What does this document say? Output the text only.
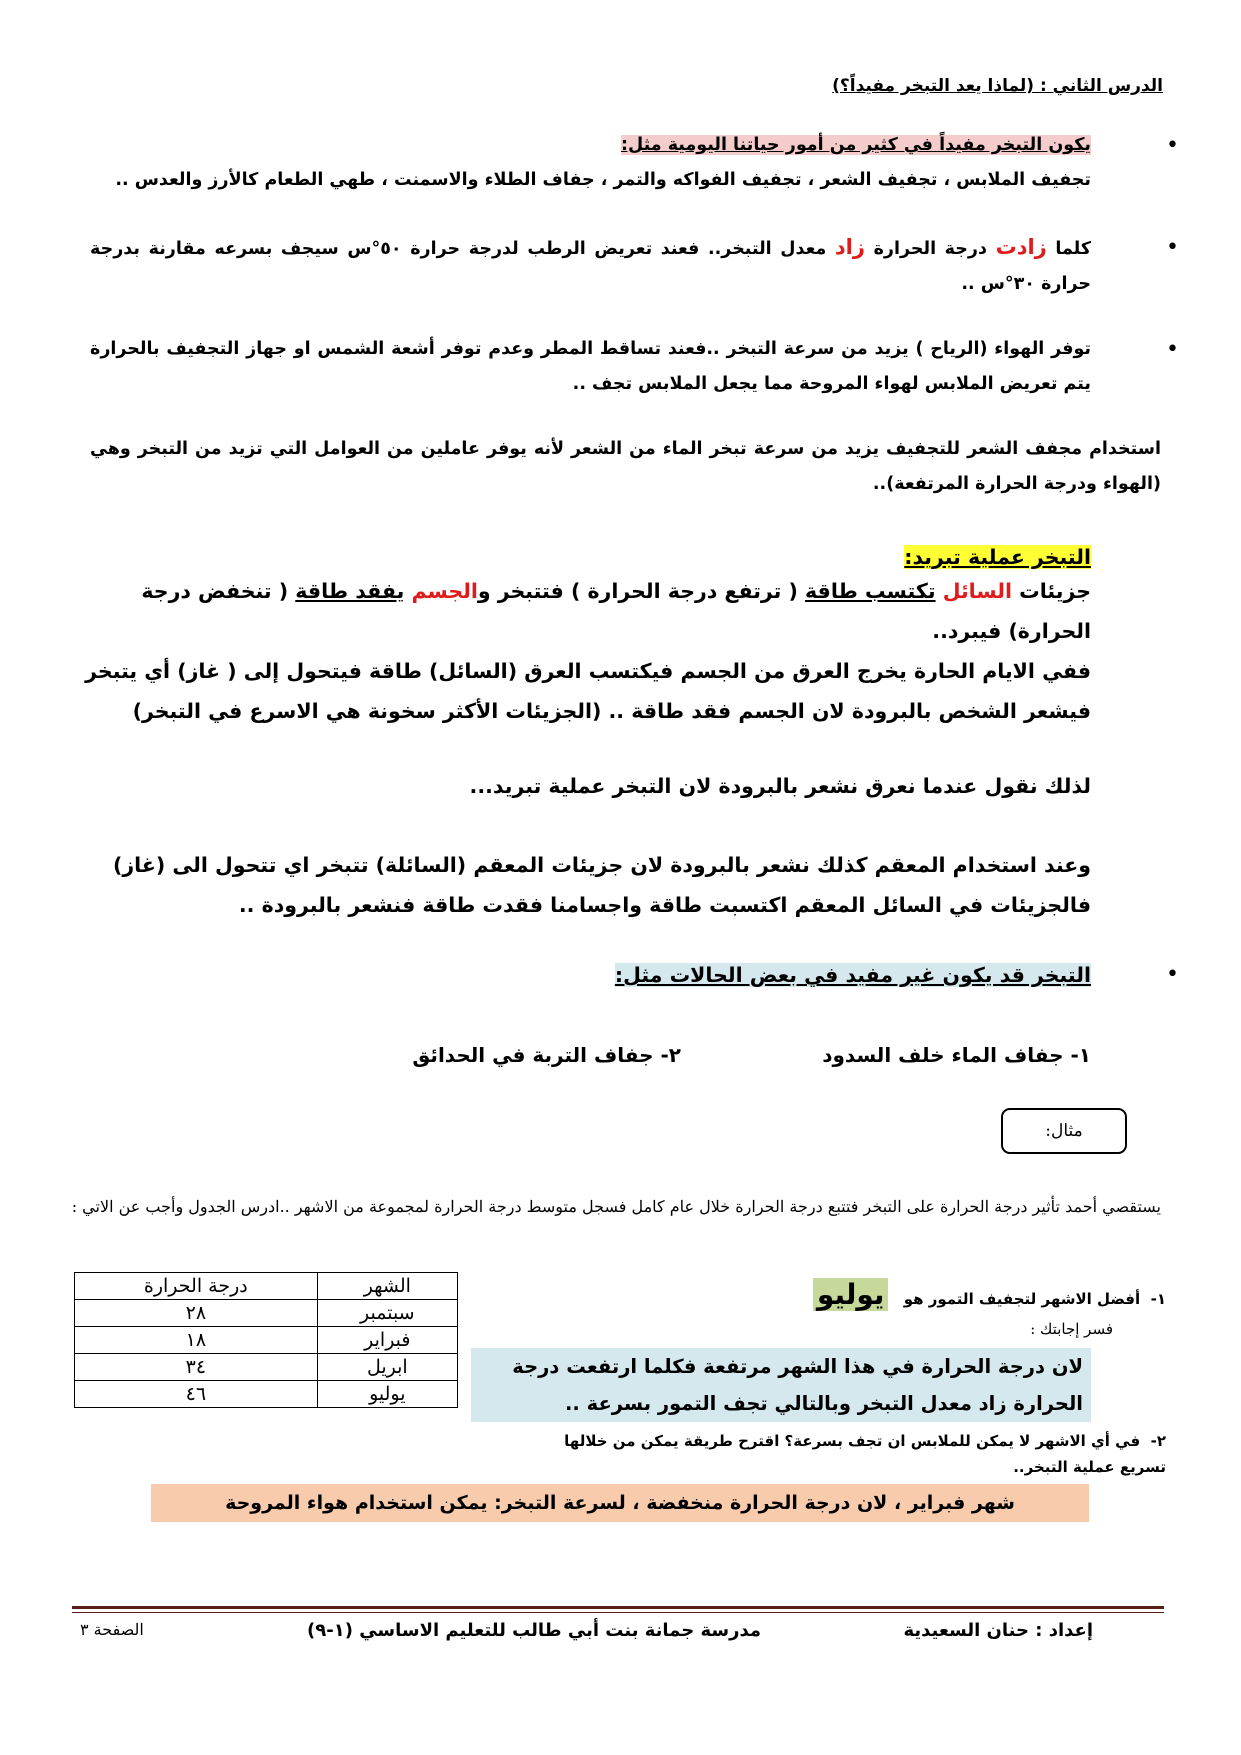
الدرس الثاني : (لماذا يعد التبخر مفيداً؟)
•
يكون التبخر مفيداً في كثير من أمور حياتنا اليومية مثل:
تجفيف الملابس ، تجفيف الشعر ، تجفيف الفواكه والتمر ، جفاف الطلاء والاسمنت ، طهي الطعام كالأرز والعدس ..
•
كلما زادت درجة الحرارة زاد معدل التبخر.. فعند تعريض الرطب لدرجة حرارة ٥٠°س سيجف بسرعه مقارنة بدرجة حرارة ٣٠°س ..
•
توفر الهواء (الرياح ) يزيد من سرعة التبخر ..فعند تساقط المطر وعدم توفر أشعة الشمس او جهاز التجفيف بالحرارة يتم تعريض الملابس لهواء المروحة مما يجعل الملابس تجف ..
استخدام مجفف الشعر للتجفيف يزيد من سرعة تبخر الماء من الشعر لأنه يوفر عاملين من العوامل التي تزيد من التبخر وهي (الهواء ودرجة الحرارة المرتفعة)..
التبخر عملية تبريد:
جزيئات السائل تكتسب طاقة ( ترتفع درجة الحرارة ) فتتبخر والجسم يفقد طاقة ( تنخفض درجة الحرارة) فيبرد..
ففي الايام الحارة يخرج العرق من الجسم فيكتسب العرق (السائل) طاقة فيتحول إلى ( غاز) أي يتبخر فيشعر الشخص بالبرودة لان الجسم فقد طاقة .. (الجزيئات الأكثر سخونة هي الاسرع في التبخر)
لذلك نقول عندما نعرق نشعر بالبرودة لان التبخر عملية تبريد...
وعند استخدام المعقم كذلك نشعر بالبرودة لان جزيئات المعقم (السائلة) تتبخر اي تتحول الى (غاز) فالجزيئات في السائل المعقم اكتسبت طاقة واجسامنا فقدت طاقة فنشعر بالبرودة ..
•
التبخر قد يكون غير مفيد في بعض الحالات مثل:
١- جفاف الماء خلف السدود
٢- جفاف التربة في الحدائق
مثال:
يستقصي أحمد تأثير درجة الحرارة على التبخر فتتبع درجة الحرارة خلال عام كامل فسجل متوسط درجة الحرارة لمجموعة من الاشهر ..ادرس الجدول وأجب عن الاتي :
الشهر	درجة الحرارة
سبتمبر	٢٨
فبراير	١٨
ابريل	٣٤
يوليو	٤٦
١-  أفضل الاشهر لتجفيف التمور هو يوليو
فسر إجابتك :
لان درجة الحرارة في هذا الشهر مرتفعة فكلما ارتفعت درجة الحرارة زاد معدل التبخر وبالتالي تجف التمور بسرعة ..
٢-  في أي الاشهر لا يمكن للملابس ان تجف بسرعة؟ اقترح طريقة يمكن من خلالها تسريع عملية التبخر..
شهر فبراير ، لان درجة الحرارة منخفضة ، لسرعة التبخر: يمكن استخدام هواء المروحة
إعداد : حنان السعيدية
مدرسة جمانة بنت أبي طالب للتعليم الاساسي (١-٩)
الصفحة ٣
